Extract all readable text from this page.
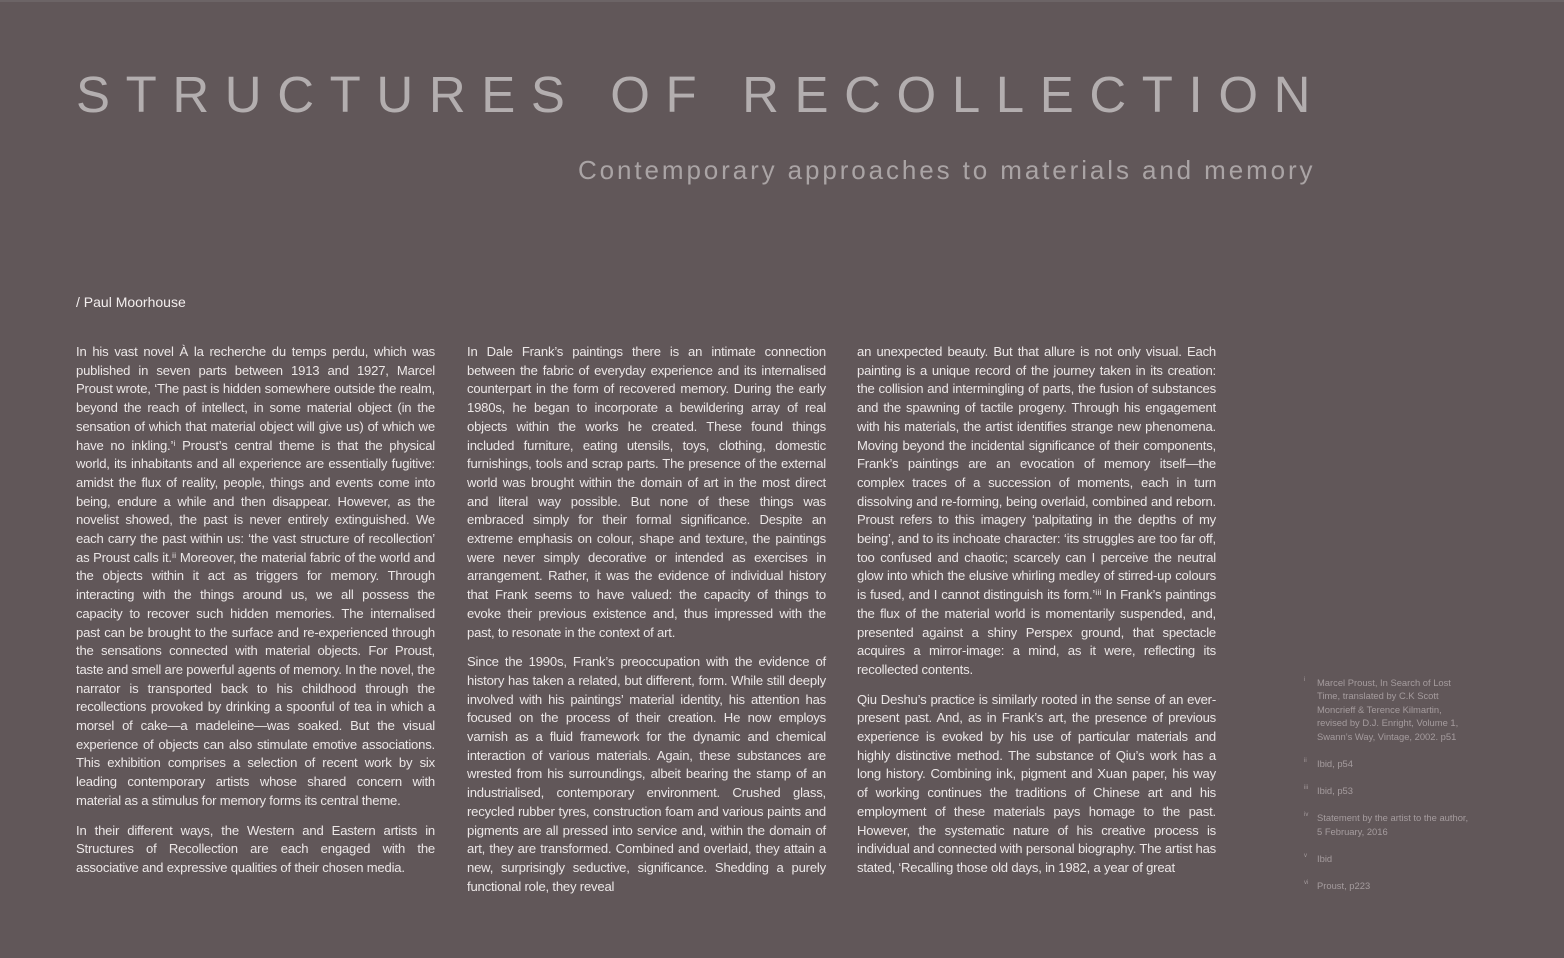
STRUCTURES OF RECOLLECTION
Contemporary approaches to materials and memory
/ Paul Moorhouse

In his vast novel À la recherche du temps perdu, which was published in seven parts between 1913 and 1927, Marcel Proust wrote, ‘The past is hidden somewhere outside the realm, beyond the reach of intellect, in some material object (in the sensation of which that material object will give us) of which we have no inkling.’ⁱ Proust’s central theme is that the physical world, its inhabitants and all experience are essentially fugitive: amidst the flux of reality, people, things and events come into being, endure a while and then disappear. However, as the novelist showed, the past is never entirely extinguished. We each carry the past within us: ‘the vast structure of recollection’ as Proust calls it.ⁱⁱ Moreover, the material fabric of the world and the objects within it act as triggers for memory. Through interacting with the things around us, we all possess the capacity to recover such hidden memories. The internalised past can be brought to the surface and re-experienced through the sensations connected with material objects. For Proust, taste and smell are powerful agents of memory. In the novel, the narrator is transported back to his childhood through the recollections provoked by drinking a spoonful of tea in which a morsel of cake—a madeleine—was soaked. But the visual experience of objects can also stimulate emotive associations. This exhibition comprises a selection of recent work by six leading contemporary artists whose shared concern with material as a stimulus for memory forms its central theme.

In their different ways, the Western and Eastern artists in Structures of Recollection are each engaged with the associative and expressive qualities of their chosen media.

In Dale Frank’s paintings there is an intimate connection between the fabric of everyday experience and its internalised counterpart in the form of recovered memory. During the early 1980s, he began to incorporate a bewildering array of real objects within the works he created. These found things included furniture, eating utensils, toys, clothing, domestic furnishings, tools and scrap parts. The presence of the external world was brought within the domain of art in the most direct and literal way possible. But none of these things was embraced simply for their formal significance. Despite an extreme emphasis on colour, shape and texture, the paintings were never simply decorative or intended as exercises in arrangement. Rather, it was the evidence of individual history that Frank seems to have valued: the capacity of things to evoke their previous existence and, thus impressed with the past, to resonate in the context of art.

Since the 1990s, Frank’s preoccupation with the evidence of history has taken a related, but different, form. While still deeply involved with his paintings’ material identity, his attention has focused on the process of their creation. He now employs varnish as a fluid framework for the dynamic and chemical interaction of various materials. Again, these substances are wrested from his surroundings, albeit bearing the stamp of an industrialised, contemporary environment. Crushed glass, recycled rubber tyres, construction foam and various paints and pigments are all pressed into service and, within the domain of art, they are transformed. Combined and overlaid, they attain a new, surprisingly seductive, significance. Shedding a purely functional role, they reveal

an unexpected beauty. But that allure is not only visual. Each painting is a unique record of the journey taken in its creation: the collision and intermingling of parts, the fusion of substances and the spawning of tactile progeny. Through his engagement with his materials, the artist identifies strange new phenomena. Moving beyond the incidental significance of their components, Frank’s paintings are an evocation of memory itself—the complex traces of a succession of moments, each in turn dissolving and re-forming, being overlaid, combined and reborn. Proust refers to this imagery ‘palpitating in the depths of my being’, and to its inchoate character: ‘its struggles are too far off, too confused and chaotic; scarcely can I perceive the neutral glow into which the elusive whirling medley of stirred-up colours is fused, and I cannot distinguish its form.’ⁱⁱⁱ In Frank’s paintings the flux of the material world is momentarily suspended, and, presented against a shiny Perspex ground, that spectacle acquires a mirror-image: a mind, as it were, reflecting its recollected contents.

Qiu Deshu’s practice is similarly rooted in the sense of an ever-present past. And, as in Frank’s art, the presence of previous experience is evoked by his use of particular materials and highly distinctive method. The substance of Qiu’s work has a long history. Combining ink, pigment and Xuan paper, his way of working continues the traditions of Chinese art and his employment of these materials pays homage to the past. However, the systematic nature of his creative process is individual and connected with personal biography. The artist has stated, ‘Recalling those old days, in 1982, a year of great

i Marcel Proust, In Search of Lost Time, translated by C.K Scott Moncrieff & Terence Kilmartin, revised by D.J. Enright, Volume 1, Swann’s Way, Vintage, 2002. p51
ii Ibid, p54
iii Ibid, p53
iv Statement by the artist to the author, 5 February, 2016
v Ibid
vi Proust, p223
